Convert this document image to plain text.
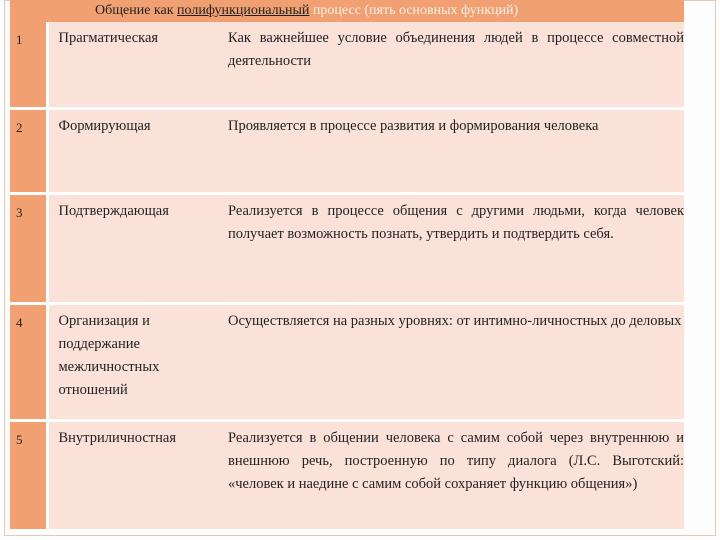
	Общение как полифункциональный процесс (пять основных функций)	
1	Прагматическая	Как важнейшее условие объединения людей в процессе совместной деятельности
2	Формирующая	Проявляется в процессе развития и формирования человека
3	Подтверждающая	Реализуется в процессе общения с другими людьми, когда человек получает возможность познать, утвердить и подтвердить себя.
4	Организация и поддержание межличностных отношений	Осуществляется на разных уровнях: от интимно-личностных до деловых
5	Внутриличностная	Реализуется в общении человека с самим собой через внутреннюю и внешнюю речь, построенную по типу диалога (Л.С. Выготский: «человек и наедине с самим собой сохраняет функцию общения»)
